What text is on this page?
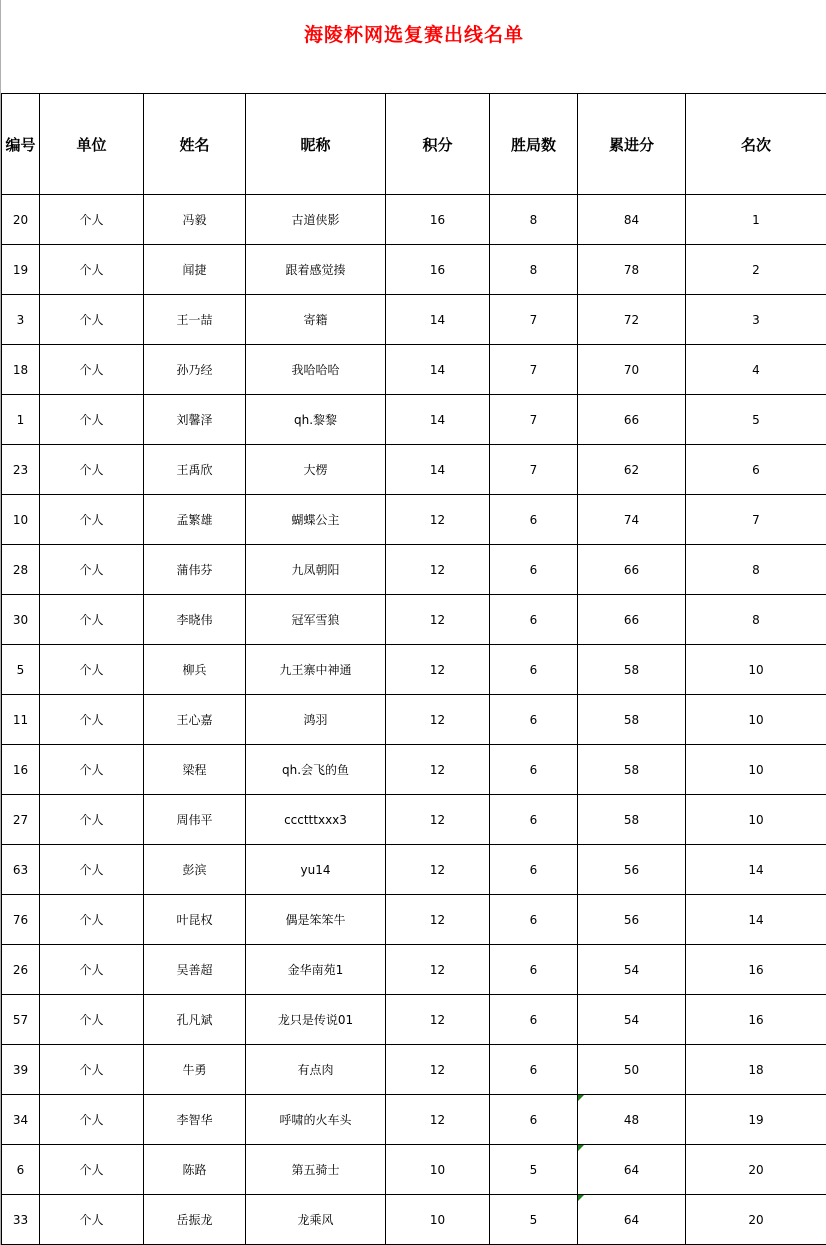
海陵杯网选复赛出线名单
编号	单位	姓名	昵称	积分	胜局数	累进分	名次
20	个人	冯毅	古道侠影	16	8	84	1
19	个人	闻捷	跟着感觉揍	16	8	78	2
3	个人	王一喆	寄籍	14	7	72	3
18	个人	孙乃经	我哈哈哈	14	7	70	4
1	个人	刘馨泽	qh.黎黎	14	7	66	5
23	个人	王禹欣	大楞	14	7	62	6
10	个人	孟繁雄	蝴蝶公主	12	6	74	7
28	个人	蒲伟芬	九凤朝阳	12	6	66	8
30	个人	李晓伟	冠军雪狼	12	6	66	8
5	个人	柳兵	九王寨中神通	12	6	58	10
11	个人	王心嘉	鸿羽	12	6	58	10
16	个人	梁程	qh.会飞的鱼	12	6	58	10
27	个人	周伟平	ccctttxxx3	12	6	58	10
63	个人	彭滨	yu14	12	6	56	14
76	个人	叶昆权	偶是笨笨牛	12	6	56	14
26	个人	吴善超	金华南苑1	12	6	54	16
57	个人	孔凡斌	龙只是传说01	12	6	54	16
39	个人	牛勇	有点肉	12	6	50	18
34	个人	李智华	呼啸的火车头	12	6	48	19
6	个人	陈路	第五骑士	10	5	64	20
33	个人	岳振龙	龙乘风	10	5	64	20
